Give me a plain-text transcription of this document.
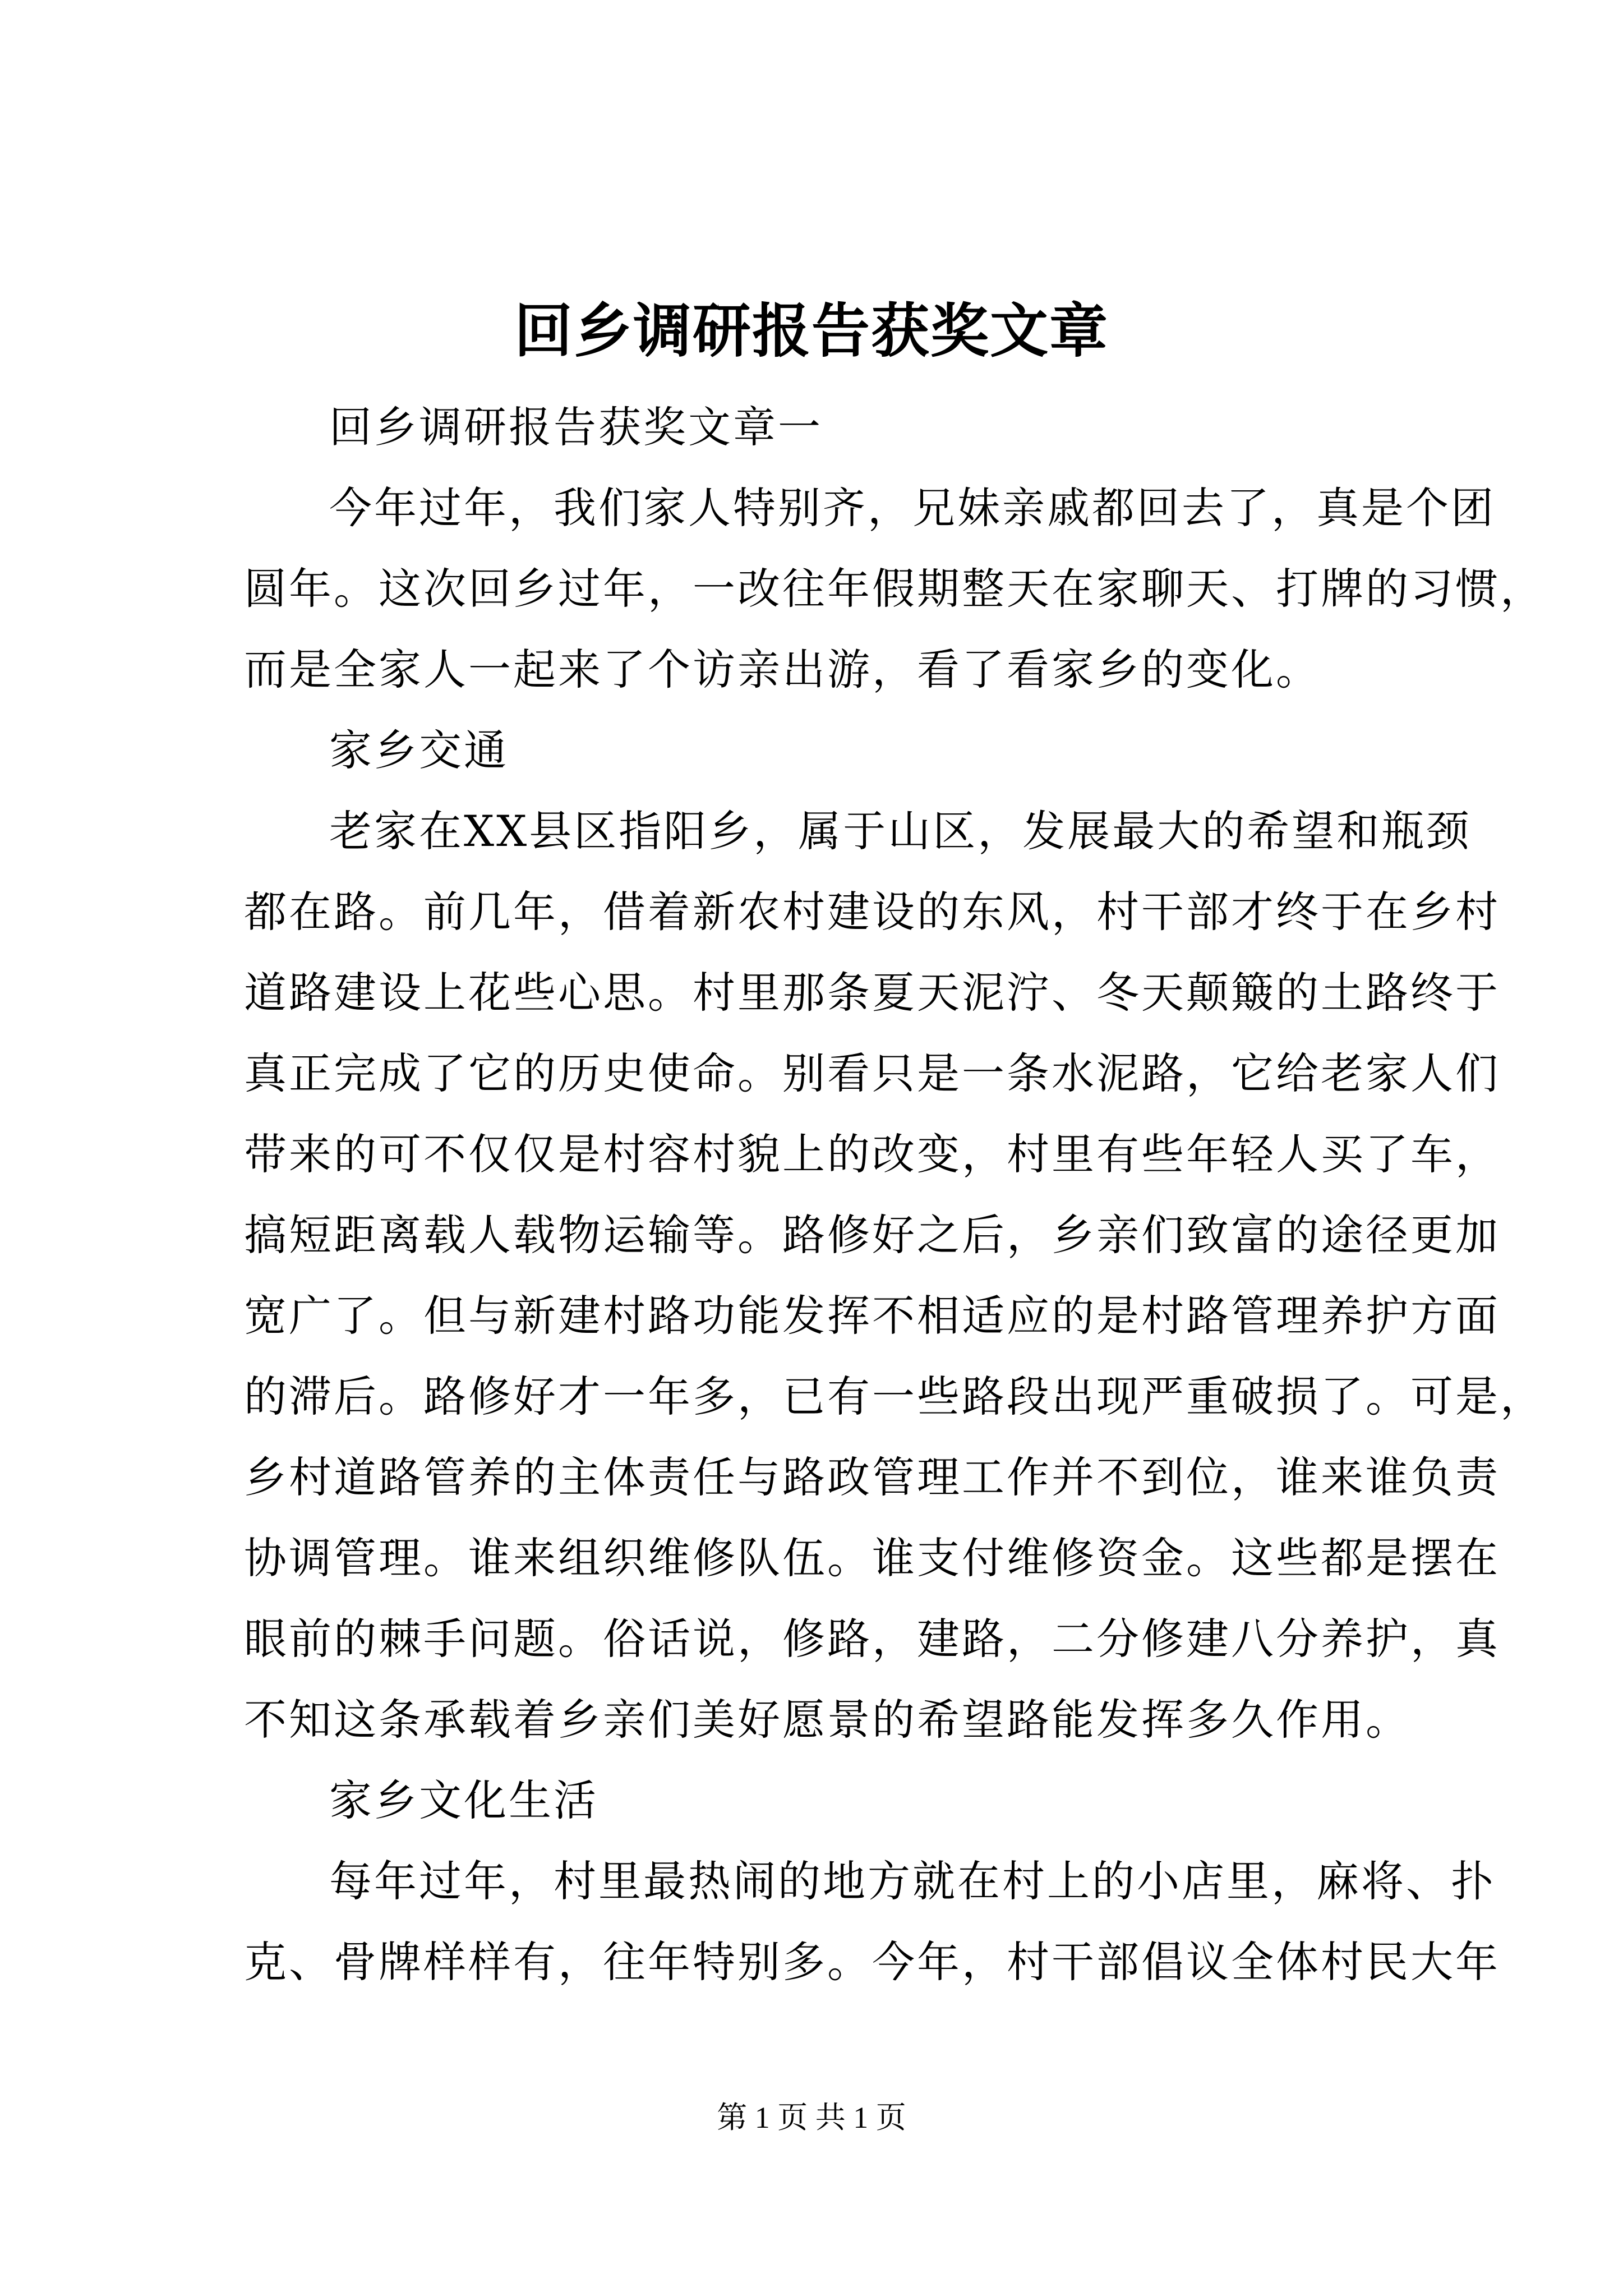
回乡调研报告获奖文章
回乡调研报告获奖文章一
今年过年，我们家人特别齐，兄妹亲戚都回去了，真是个团
圆年。这次回乡过年，一改往年假期整天在家聊天、打牌的习惯，
而是全家人一起来了个访亲出游，看了看家乡的变化。
家乡交通
老家在XX县区指阳乡，属于山区，发展最大的希望和瓶颈
都在路。前几年，借着新农村建设的东风，村干部才终于在乡村
道路建设上花些心思。村里那条夏天泥泞、冬天颠簸的土路终于
真正完成了它的历史使命。别看只是一条水泥路，它给老家人们
带来的可不仅仅是村容村貌上的改变，村里有些年轻人买了车，
搞短距离载人载物运输等。路修好之后，乡亲们致富的途径更加
宽广了。但与新建村路功能发挥不相适应的是村路管理养护方面
的滞后。路修好才一年多，已有一些路段出现严重破损了。可是，
乡村道路管养的主体责任与路政管理工作并不到位，谁来谁负责
协调管理。谁来组织维修队伍。谁支付维修资金。这些都是摆在
眼前的棘手问题。俗话说，修路，建路，二分修建八分养护，真
不知这条承载着乡亲们美好愿景的希望路能发挥多久作用。
家乡文化生活
每年过年，村里最热闹的地方就在村上的小店里，麻将、扑
克、骨牌样样有，往年特别多。今年，村干部倡议全体村民大年
第 1 页 共 1 页
